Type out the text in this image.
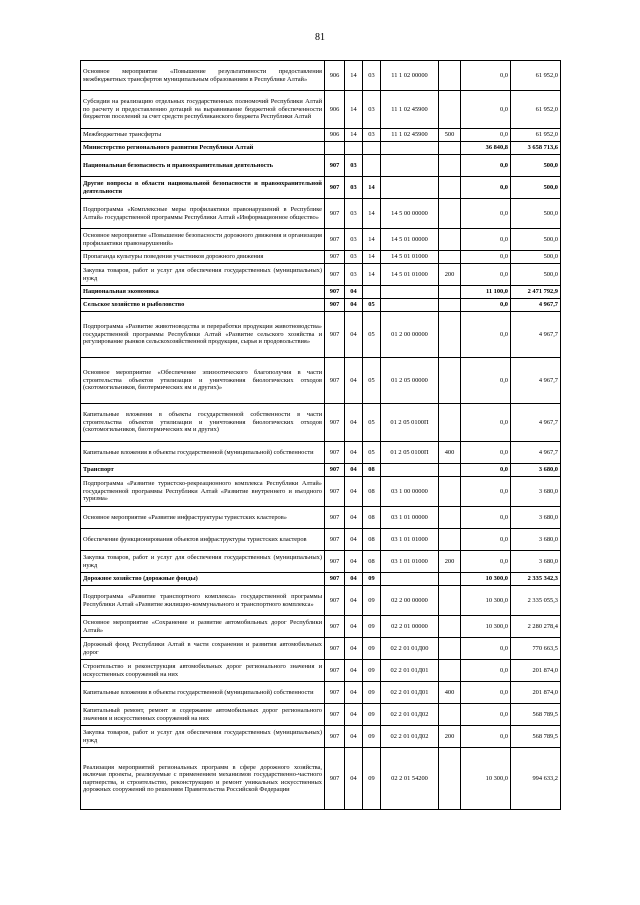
81
Основное мероприятие «Повышение результативности предоставления межбюджетных трансфертов муниципальным образованиям в Республике Алтай»	906	14	03	11 1 02 00000		0,0	61 952,0
Субсидии на реализацию отдельных государственных полномочий Республики Алтай по расчету и предоставлению дотаций на выравнивание бюджетной обеспеченности бюджетов поселений за счет средств республиканского бюджета Республики Алтай	906	14	03	11 1 02 45900		0,0	61 952,0
Межбюджетные трансферты	906	14	03	11 1 02 45900	500	0,0	61 952,0
Министерство регионального развития Республики Алтай						36 840,8	3 658 713,6
Национальная безопасность и правоохранительная деятельность	907	03				0,0	500,0
Другие вопросы в области национальной безопасности и правоохранительной деятельности	907	03	14			0,0	500,0
Подпрограмма «Комплексные меры профилактики правонарушений в Республике Алтай» государственной программы Республики Алтай «Информационное общество»	907	03	14	14 5 00 00000		0,0	500,0
Основное мероприятие «Повышение безопасности дорожного движения и организация профилактики правонарушений»	907	03	14	14 5 01 00000		0,0	500,0
Пропаганда культуры поведения участников дорожного движения	907	03	14	14 5 01 01000		0,0	500,0
Закупка товаров, работ и услуг для обеспечения государственных (муниципальных) нужд	907	03	14	14 5 01 01000	200	0,0	500,0
Национальная экономика	907	04				11 100,0	2 471 792,9
Сельское хозяйство и рыболовство	907	04	05			0,0	4 967,7
Подпрограмма «Развитие животноводства и переработки продукции животноводства» государственной программы Республики Алтай «Развитие сельского хозяйства и регулирование рынков сельскохозяйственной продукции, сырья и продовольствия»	907	04	05	01 2 00 00000		0,0	4 967,7
Основное мероприятие «Обеспечение эпизоотического благополучия в части строительства объектов утилизации и уничтожения биологических отходов (скотомогильников, биотермических ям и других)»	907	04	05	01 2 05 00000		0,0	4 967,7
Капитальные вложения в объекты государственной собственности в части строительства объектов утилизации и уничтожения биологических отходов (скотомогильников, биотермических ям и других)	907	04	05	01 2 05 0100П		0,0	4 967,7
Капитальные вложения в объекты государственной (муниципальной) собственности	907	04	05	01 2 05 0100П	400	0,0	4 967,7
Транспорт	907	04	08			0,0	3 680,0
Подпрограмма «Развитие туристско-рекреационного комплекса Республики Алтай» государственной программы Республики Алтай «Развитие внутреннего и въездного туризма»	907	04	08	03 1 00 00000		0,0	3 680,0
Основное мероприятие «Развитие инфраструктуры туристских кластеров»	907	04	08	03 1 01 00000		0,0	3 680,0
Обеспечение функционирования объектов инфраструктуры туристских кластеров	907	04	08	03 1 01 01000		0,0	3 680,0
Закупка товаров, работ и услуг для обеспечения государственных (муниципальных) нужд	907	04	08	03 1 01 01000	200	0,0	3 680,0
Дорожное хозяйство (дорожные фонды)	907	04	09			10 300,0	2 335 342,3
Подпрограмма «Развитие транспортного комплекса» государственной программы Республики Алтай «Развитие жилищно-коммунального и транспортного комплекса»	907	04	09	02 2 00 00000		10 300,0	2 335 055,3
Основное мероприятие «Сохранение и развитие автомобильных дорог Республики Алтай»	907	04	09	02 2 01 00000		10 300,0	2 280 278,4
Дорожный фонд Республики Алтай в части сохранения и развития автомобильных дорог	907	04	09	02 2 01 01Д00		0,0	770 663,5
Строительство и реконструкция автомобильных дорог регионального значения и искусственных сооружений на них	907	04	09	02 2 01 01Д01		0,0	201 874,0
Капитальные вложения в объекты государственной (муниципальной) собственности	907	04	09	02 2 01 01Д01	400	0,0	201 874,0
Капитальный ремонт, ремонт и содержание автомобильных дорог регионального значения и искусственных сооружений на них	907	04	09	02 2 01 01Д02		0,0	568 789,5
Закупка товаров, работ и услуг для обеспечения государственных (муниципальных) нужд	907	04	09	02 2 01 01Д02	200	0,0	568 789,5
Реализация мероприятий региональных программ в сфере дорожного хозяйства, включая проекты, реализуемые с применением механизмов государственно-частного партнерства, и строительство, реконструкцию и ремонт уникальных искусственных дорожных сооружений по решениям Правительства Российской Федерации	907	04	09	02 2 01 54200		10 300,0	994 633,2
